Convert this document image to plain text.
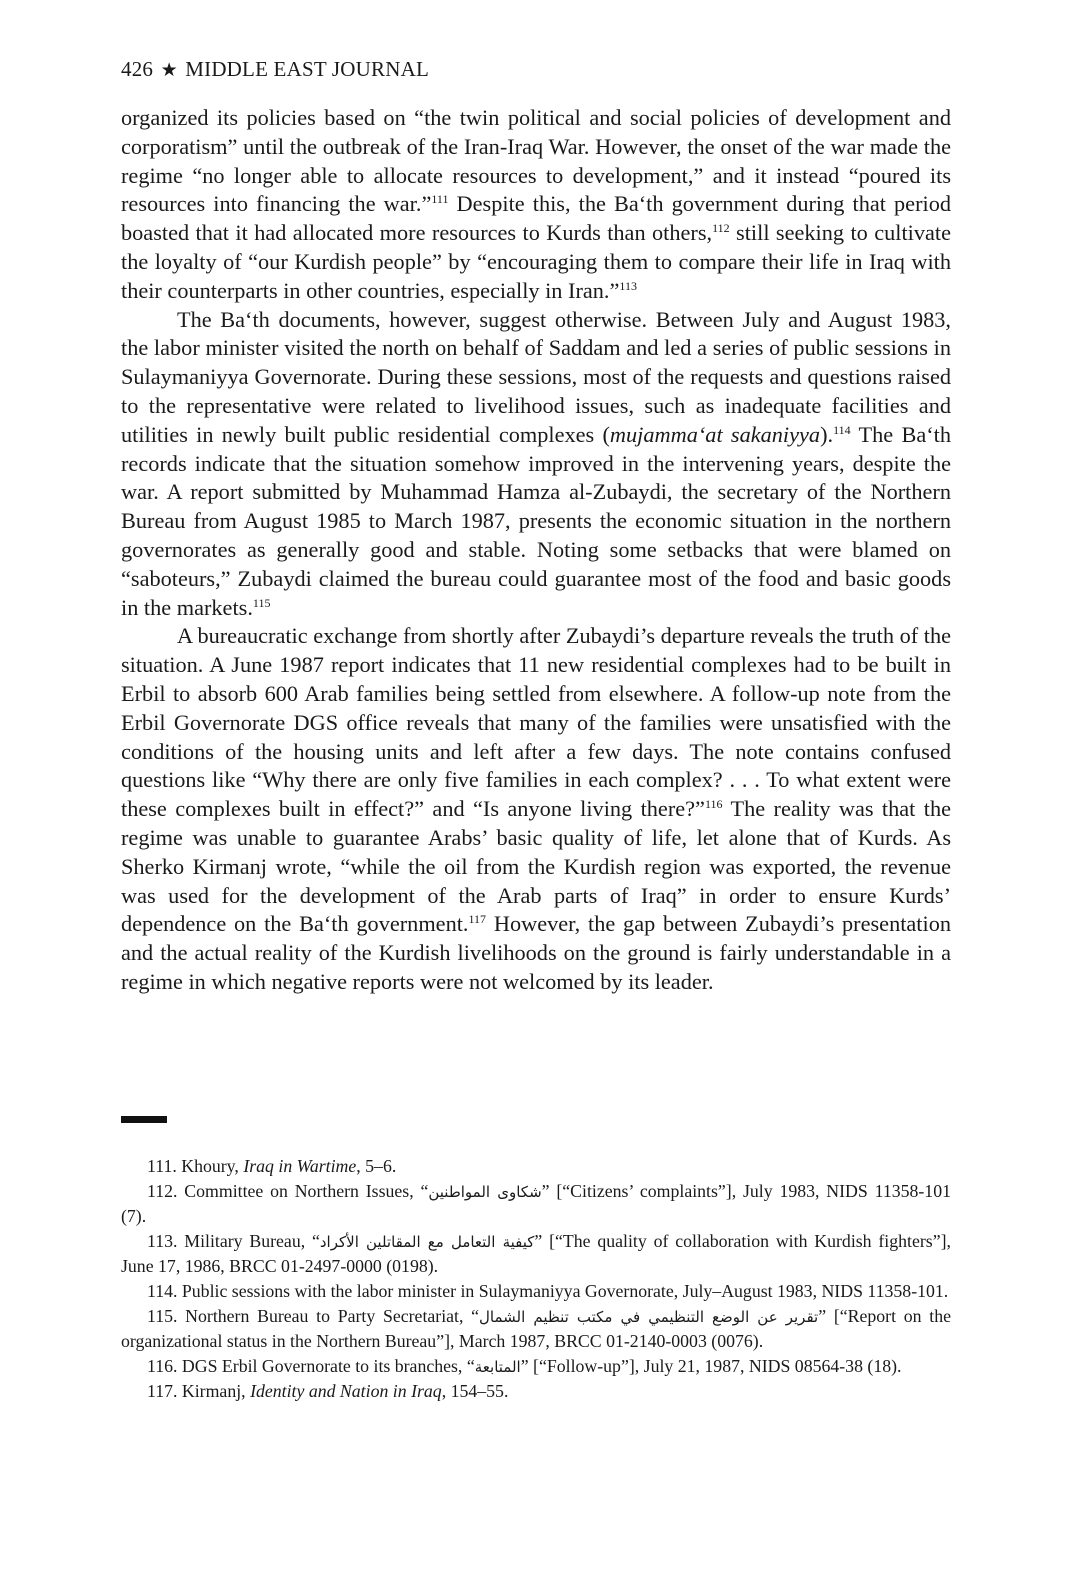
426 ★ MIDDLE EAST JOURNAL

organized its policies based on “the twin political and social policies of development and corporatism” until the outbreak of the Iran-Iraq War. However, the onset of the war made the regime “no longer able to allocate resources to development,” and it instead “poured its resources into financing the war.”$^{111}$ Despite this, the Ba‘th government during that period boasted that it had allocated more resources to Kurds than others,$^{112}$ still seeking to cultivate the loyalty of “our Kurdish people” by “encouraging them to compare their life in Iraq with their counterparts in other countries, especially in Iran.”$^{113}$

The Ba‘th documents, however, suggest otherwise. Between July and August 1983, the labor minister visited the north on behalf of Saddam and led a series of public sessions in Sulaymaniyya Governorate. During these sessions, most of the requests and questions raised to the representative were related to livelihood issues, such as inadequate facilities and utilities in newly built public residential complexes (mujamma‘at sakaniyya).$^{114}$ The Ba‘th records indicate that the situation somehow improved in the intervening years, despite the war. A report submitted by Muhammad Hamza al-Zubaydi, the secretary of the Northern Bureau from August 1985 to March 1987, presents the economic situation in the northern governorates as generally good and stable. Noting some setbacks that were blamed on “saboteurs,” Zubaydi claimed the bureau could guarantee most of the food and basic goods in the markets.$^{115}$

A bureaucratic exchange from shortly after Zubaydi’s departure reveals the truth of the situation. A June 1987 report indicates that 11 new residential complexes had to be built in Erbil to absorb 600 Arab families being settled from elsewhere. A follow-up note from the Erbil Governorate DGS office reveals that many of the families were unsatisfied with the conditions of the housing units and left after a few days. The note contains confused questions like “Why there are only five families in each complex? . . . To what extent were these complexes built in effect?” and “Is anyone living there?”$^{116}$ The reality was that the regime was unable to guarantee Arabs’ basic quality of life, let alone that of Kurds. As Sherko Kirmanj wrote, “while the oil from the Kurdish region was exported, the revenue was used for the development of the Arab parts of Iraq” in order to ensure Kurds’ dependence on the Ba‘th government.$^{117}$ However, the gap between Zubaydi’s presentation and the actual reality of the Kurdish livelihoods on the ground is fairly understandable in a regime in which negative reports were not welcomed by its leader.

111. Khoury, Iraq in Wartime, 5–6.

112. Committee on Northern Issues, “شكاوى المواطنين” [“Citizens’ complaints”], July 1983, NIDS 11358-101 (7).

113. Military Bureau, “كيفية التعامل مع المقاتلين الأكراد” [“The quality of collaboration with Kurdish fighters”], June 17, 1986, BRCC 01-2497-0000 (0198).

114. Public sessions with the labor minister in Sulaymaniyya Governorate, July–August 1983, NIDS 11358-101.

115. Northern Bureau to Party Secretariat, “تقرير عن الوضع التنظيمي في مكتب تنظيم الشمال” [“Report on the organizational status in the Northern Bureau”], March 1987, BRCC 01-2140-0003 (0076).

116. DGS Erbil Governorate to its branches, “المتابعة” [“Follow-up”], July 21, 1987, NIDS 08564-38 (18).

117. Kirmanj, Identity and Nation in Iraq, 154–55.
